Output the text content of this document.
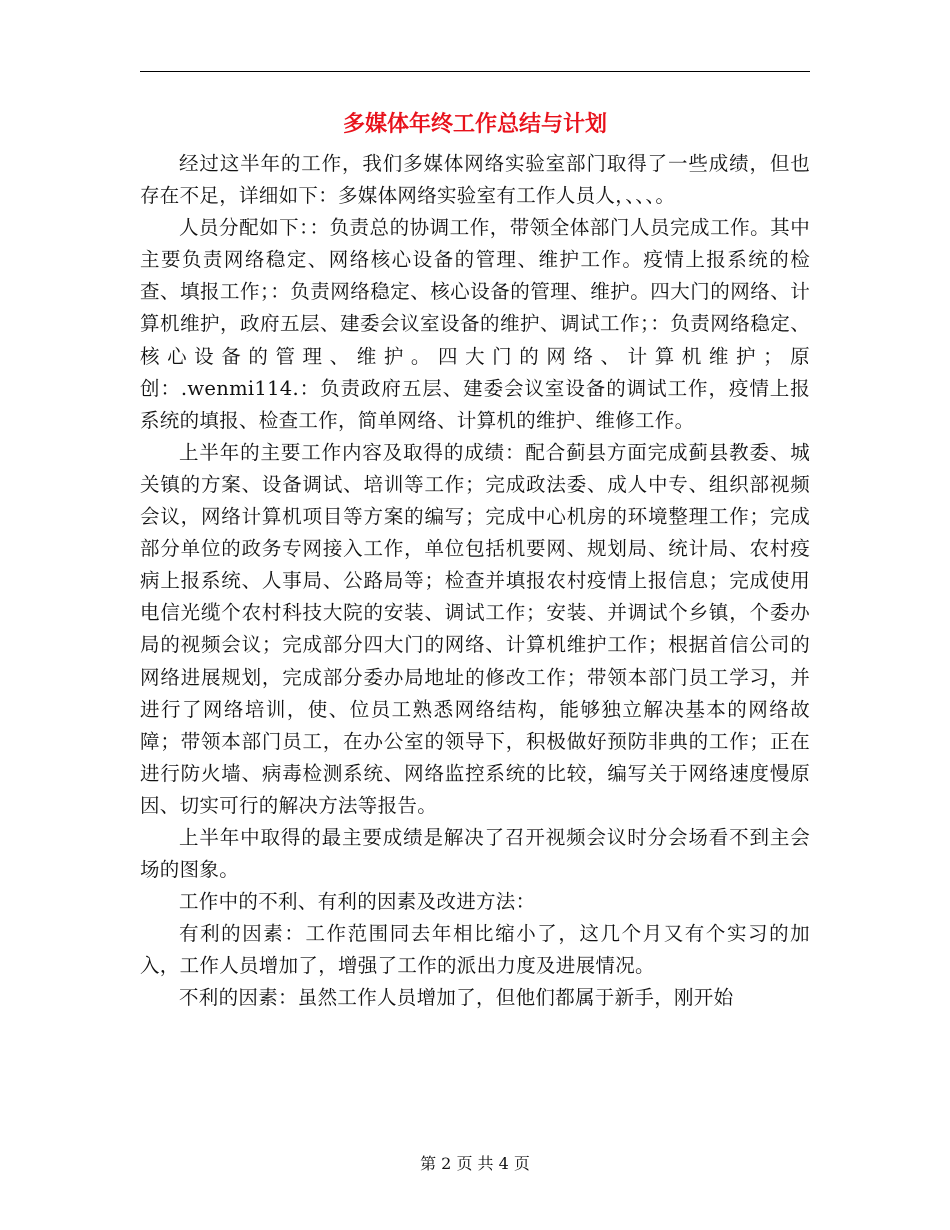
多媒体年终工作总结与计划

经过这半年的工作，我们多媒体网络实验室部门取得了一些成绩，但也存在不足，详细如下：多媒体网络实验室有工作人员人，、、、。

人员分配如下：：负责总的协调工作，带领全体部门人员完成工作。其中主要负责网络稳定、网络核心设备的管理、维护工作。疫情上报系统的检查、填报工作；：负责网络稳定、核心设备的管理、维护。四大门的网络、计算机维护，政府五层、建委会议室设备的维护、调试工作；：负责网络稳定、核心设备的管理、维护。四大门的网络、计算机维护；原创：.wenmi114.：负责政府五层、建委会议室设备的调试工作，疫情上报系统的填报、检查工作，简单网络、计算机的维护、维修工作。

上半年的主要工作内容及取得的成绩：配合蓟县方面完成蓟县教委、城关镇的方案、设备调试、培训等工作；完成政法委、成人中专、组织部视频会议，网络计算机项目等方案的编写；完成中心机房的环境整理工作；完成部分单位的政务专网接入工作，单位包括机要网、规划局、统计局、农村疫病上报系统、人事局、公路局等；检查并填报农村疫情上报信息；完成使用电信光缆个农村科技大院的安装、调试工作；安装、并调试个乡镇，个委办局的视频会议；完成部分四大门的网络、计算机维护工作；根据首信公司的网络进展规划，完成部分委办局地址的修改工作；带领本部门员工学习，并进行了网络培训，使、位员工熟悉网络结构，能够独立解决基本的网络故障；带领本部门员工，在办公室的领导下，积极做好预防非典的工作；正在进行防火墙、病毒检测系统、网络监控系统的比较，编写关于网络速度慢原因、切实可行的解决方法等报告。

上半年中取得的最主要成绩是解决了召开视频会议时分会场看不到主会场的图象。

工作中的不利、有利的因素及改进方法：

有利的因素：工作范围同去年相比缩小了，这几个月又有个实习的加入，工作人员增加了，增强了工作的派出力度及进展情况。

不利的因素：虽然工作人员增加了，但他们都属于新手，刚开始

第 2 页 共 4 页
